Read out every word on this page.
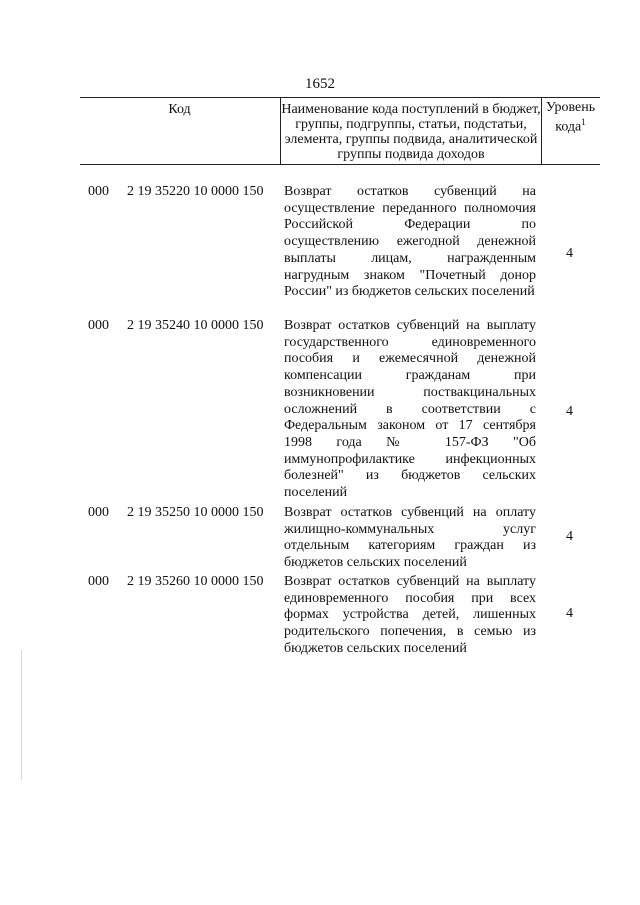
1652
Код	Наименование кода поступлений в бюджет, группы, подгруппы, статьи, подстатьи, элемента, группы подвида, аналитической группы подвида доходов
Уровень кода$^1$
000 2 19 35220 10 0000 150 Возврат остатков субвенций на осуществление переданного полномочия Российской Федерации по осуществлению ежегодной денежной выплаты лицам, награжденным нагрудным знаком "Почетный донор России" из бюджетов сельских поселений
4
000 2 19 35240 10 0000 150 Возврат остатков субвенций на выплату государственного единовременного пособия и ежемесячной денежной компенсации гражданам при возникновении поствакцинальных осложнений в соответствии с Федеральным законом от 17 сентября 1998 года № 157-ФЗ "Об иммунопрофилактике инфекционных болезней" из бюджетов сельских поселений
4
000 2 19 35250 10 0000 150 Возврат остатков субвенций на оплату жилищно-коммунальных услуг отдельным категориям граждан из бюджетов сельских поселений
4
000 2 19 35260 10 0000 150 Возврат остатков субвенций на выплату единовременного пособия при всех формах устройства детей, лишенных родительского попечения, в семью из бюджетов сельских поселений
4
